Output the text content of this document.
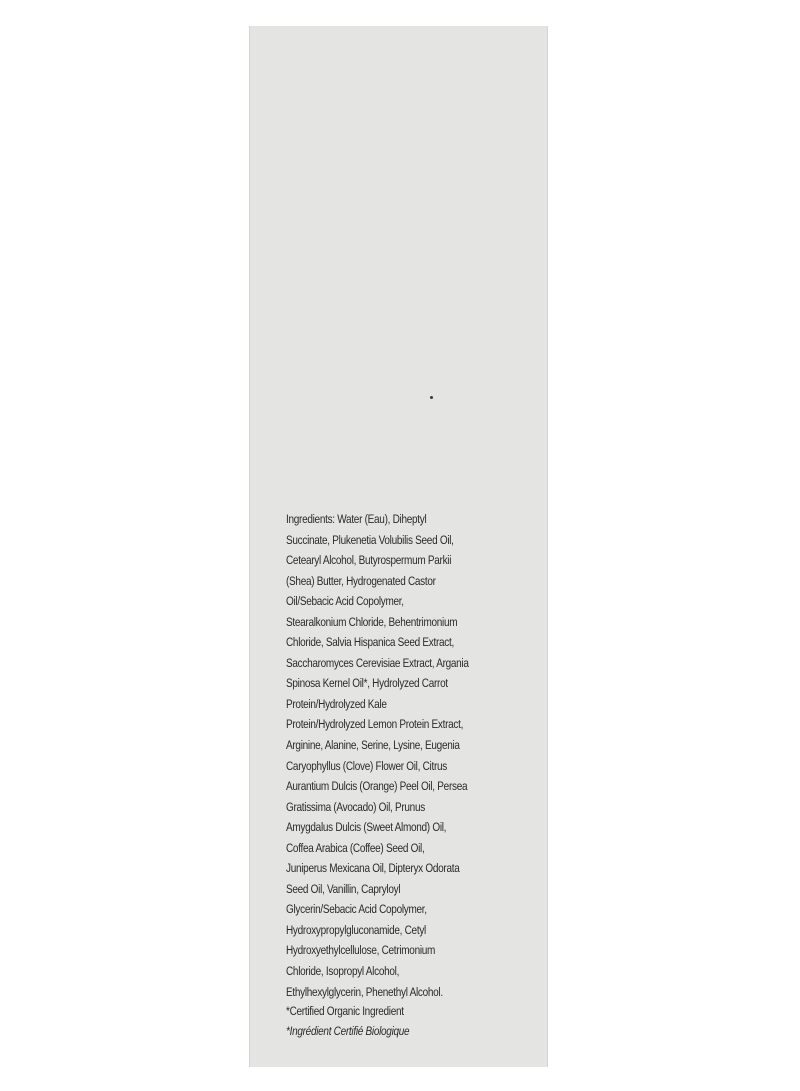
Ingredients: Water (Eau), Diheptyl
Succinate, Plukenetia Volubilis Seed Oil,
Cetearyl Alcohol, Butyrospermum Parkii
(Shea) Butter, Hydrogenated Castor
Oil/Sebacic Acid Copolymer,
Stearalkonium Chloride, Behentrimonium
Chloride, Salvia Hispanica Seed Extract,
Saccharomyces Cerevisiae Extract, Argania
Spinosa Kernel Oil*, Hydrolyzed Carrot
Protein/Hydrolyzed Kale
Protein/Hydrolyzed Lemon Protein Extract,
Arginine, Alanine, Serine, Lysine, Eugenia
Caryophyllus (Clove) Flower Oil, Citrus
Aurantium Dulcis (Orange) Peel Oil, Persea
Gratissima (Avocado) Oil, Prunus
Amygdalus Dulcis (Sweet Almond) Oil,
Coffea Arabica (Coffee) Seed Oil,
Juniperus Mexicana Oil, Dipteryx Odorata
Seed Oil, Vanillin, Capryloyl
Glycerin/Sebacic Acid Copolymer,
Hydroxypropylgluconamide, Cetyl
Hydroxyethylcellulose, Cetrimonium
Chloride, Isopropyl Alcohol,
Ethylhexylglycerin, Phenethyl Alcohol.

*Certified Organic Ingredient
*Ingrédient Certifié Biologique
